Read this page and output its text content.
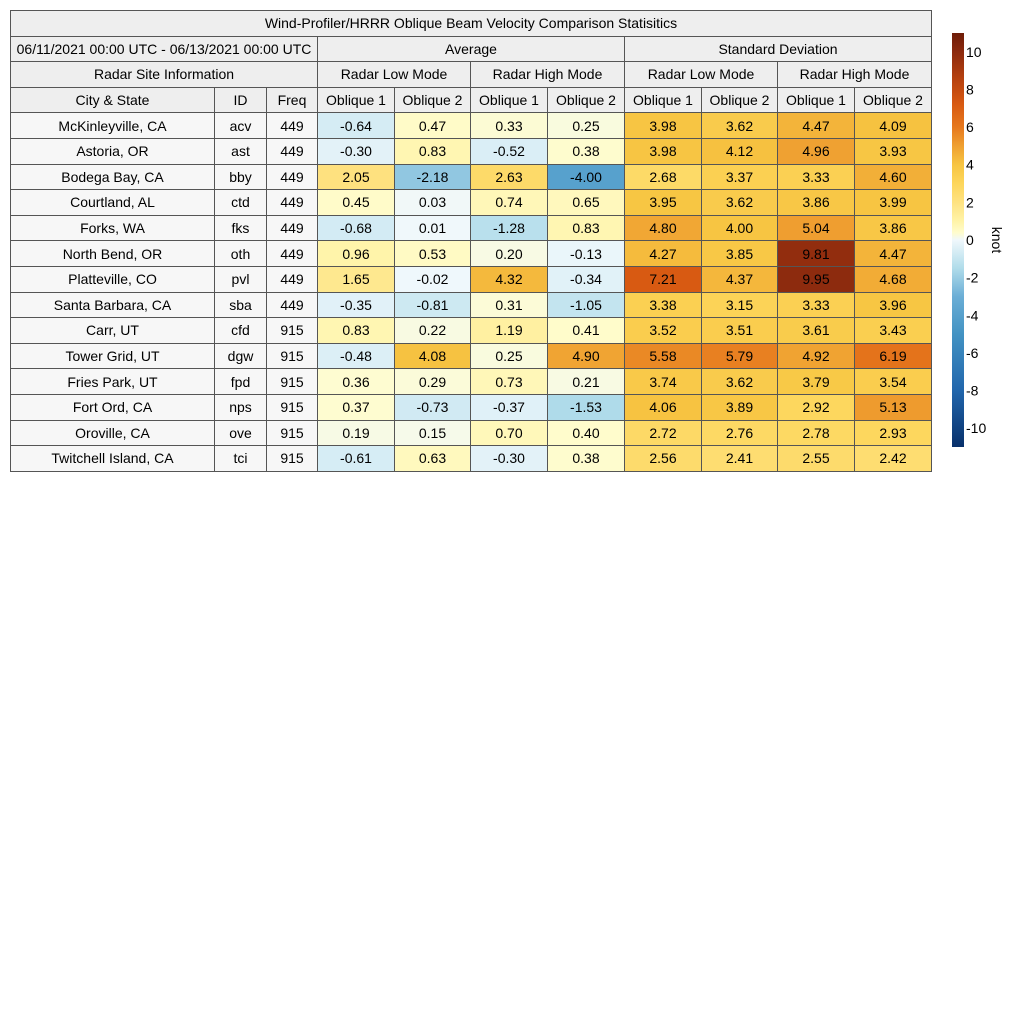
Wind-Profiler/HRRR Oblique Beam Velocity Comparison Statisitics										
06/11/2021 00:00 UTC - 06/13/2021 00:00 UTC			Average				Standard Deviation			
Radar Site Information			Radar Low Mode		Radar High Mode		Radar Low Mode		Radar High Mode	
City & State	ID	Freq	Oblique 1	Oblique 2	Oblique 1	Oblique 2	Oblique 1	Oblique 2	Oblique 1	Oblique 2
McKinleyville, CA	acv	449	-0.64	0.47	0.33	0.25	3.98	3.62	4.47	4.09
Astoria, OR	ast	449	-0.30	0.83	-0.52	0.38	3.98	4.12	4.96	3.93
Bodega Bay, CA	bby	449	2.05	-2.18	2.63	-4.00	2.68	3.37	3.33	4.60
Courtland, AL	ctd	449	0.45	0.03	0.74	0.65	3.95	3.62	3.86	3.99
Forks, WA	fks	449	-0.68	0.01	-1.28	0.83	4.80	4.00	5.04	3.86
North Bend, OR	oth	449	0.96	0.53	0.20	-0.13	4.27	3.85	9.81	4.47
Platteville, CO	pvl	449	1.65	-0.02	4.32	-0.34	7.21	4.37	9.95	4.68
Santa Barbara, CA	sba	449	-0.35	-0.81	0.31	-1.05	3.38	3.15	3.33	3.96
Carr, UT	cfd	915	0.83	0.22	1.19	0.41	3.52	3.51	3.61	3.43
Tower Grid, UT	dgw	915	-0.48	4.08	0.25	4.90	5.58	5.79	4.92	6.19
Fries Park, UT	fpd	915	0.36	0.29	0.73	0.21	3.74	3.62	3.79	3.54
Fort Ord, CA	nps	915	0.37	-0.73	-0.37	-1.53	4.06	3.89	2.92	5.13
Oroville, CA	ove	915	0.19	0.15	0.70	0.40	2.72	2.76	2.78	2.93
Twitchell Island, CA	tci	915	-0.61	0.63	-0.30	0.38	2.56	2.41	2.55	2.42
10
8
6
4
2
0
-2
-4
-6
-8
-10
knot
